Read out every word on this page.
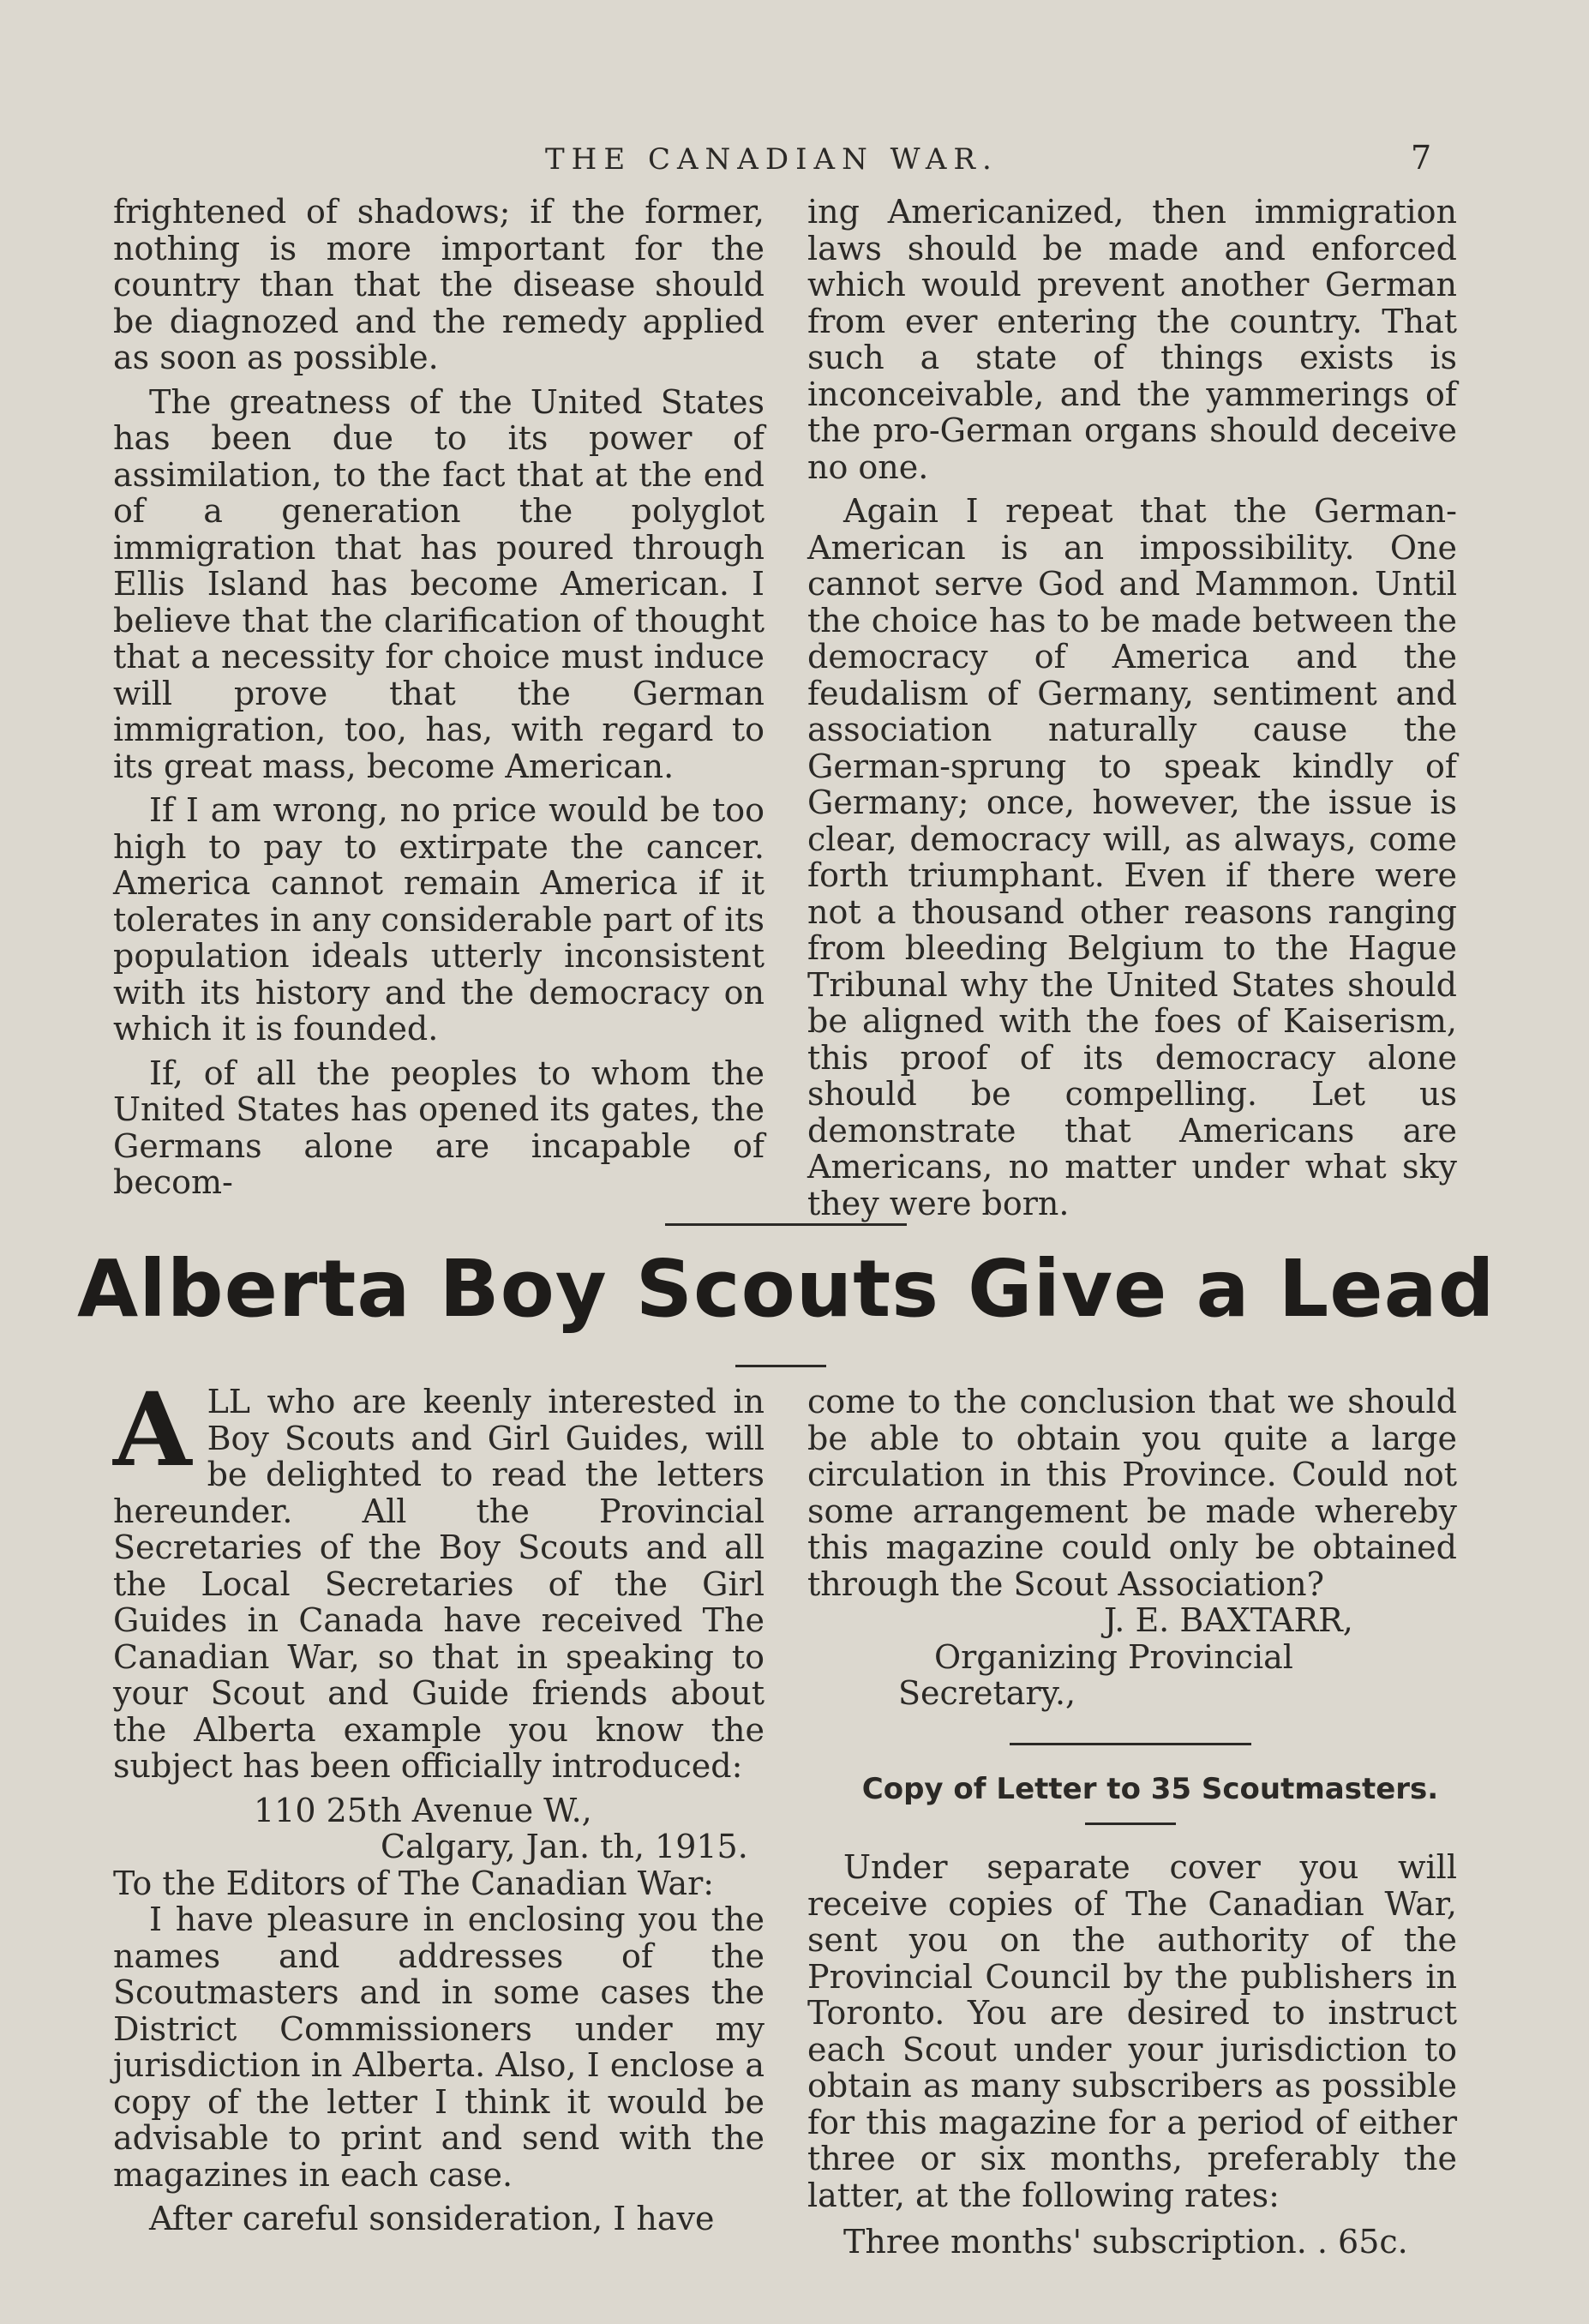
THE CANADIAN WAR.	7

frightened of shadows; if the former, nothing is more important for the country than that the disease should be diagnozed and the remedy applied as soon as possible.

The greatness of the United States has been due to its power of assimilation, to the fact that at the end of a generation the polyglot immigration that has poured through Ellis Island has become American. I believe that the clarification of thought that a necessity for choice must induce will prove that the German immigration, too, has, with regard to its great mass, become American.

If I am wrong, no price would be too high to pay to extirpate the cancer. America cannot remain America if it tolerates in any considerable part of its population ideals utterly inconsistent with its history and the democracy on which it is founded.

If, of all the peoples to whom the United States has opened its gates, the Germans alone are incapable of becom-

ing Americanized, then immigration laws should be made and enforced which would prevent another German from ever entering the country. That such a state of things exists is inconceivable, and the yammerings of the pro-German organs should deceive no one.

Again I repeat that the German-American is an impossibility. One cannot serve God and Mammon. Until the choice has to be made between the democracy of America and the feudalism of Germany, sentiment and association naturally cause the German-sprung to speak kindly of Germany; once, however, the issue is clear, democracy will, as always, come forth triumphant. Even if there were not a thousand other reasons ranging from bleeding Belgium to the Hague Tribunal why the United States should be aligned with the foes of Kaiserism, this proof of its democracy alone should be compelling. Let us demonstrate that Americans are Americans, no matter under what sky they were born.

Alberta Boy Scouts Give a Lead

ALL who are keenly interested in Boy Scouts and Girl Guides, will be delighted to read the letters hereunder. All the Provincial Secretaries of the Boy Scouts and all the Local Secretaries of the Girl Guides in Canada have received The Canadian War, so that in speaking to your Scout and Guide friends about the Alberta example you know the subject has been officially introduced:

110 25th Avenue W.,

Calgary, Jan. th, 1915.

To the Editors of The Canadian War:

I have pleasure in enclosing you the names and addresses of the Scoutmasters and in some cases the District Commissioners under my jurisdiction in Alberta. Also, I enclose a copy of the letter I think it would be advisable to print and send with the magazines in each case.

After careful sonsideration, I have

come to the conclusion that we should be able to obtain you quite a large circulation in this Province. Could not some arrangement be made whereby this magazine could only be obtained through the Scout Association?

J. E. BAXTARR,

Organizing Provincial Secretary.,

Copy of Letter to 35 Scoutmasters.

Under separate cover you will receive copies of The Canadian War, sent you on the authority of the Provincial Council by the publishers in Toronto. You are desired to instruct each Scout under your jurisdiction to obtain as many subscribers as possible for this magazine for a period of either three or six months, preferably the latter, at the following rates:

Three months' subscription. . 65c.
